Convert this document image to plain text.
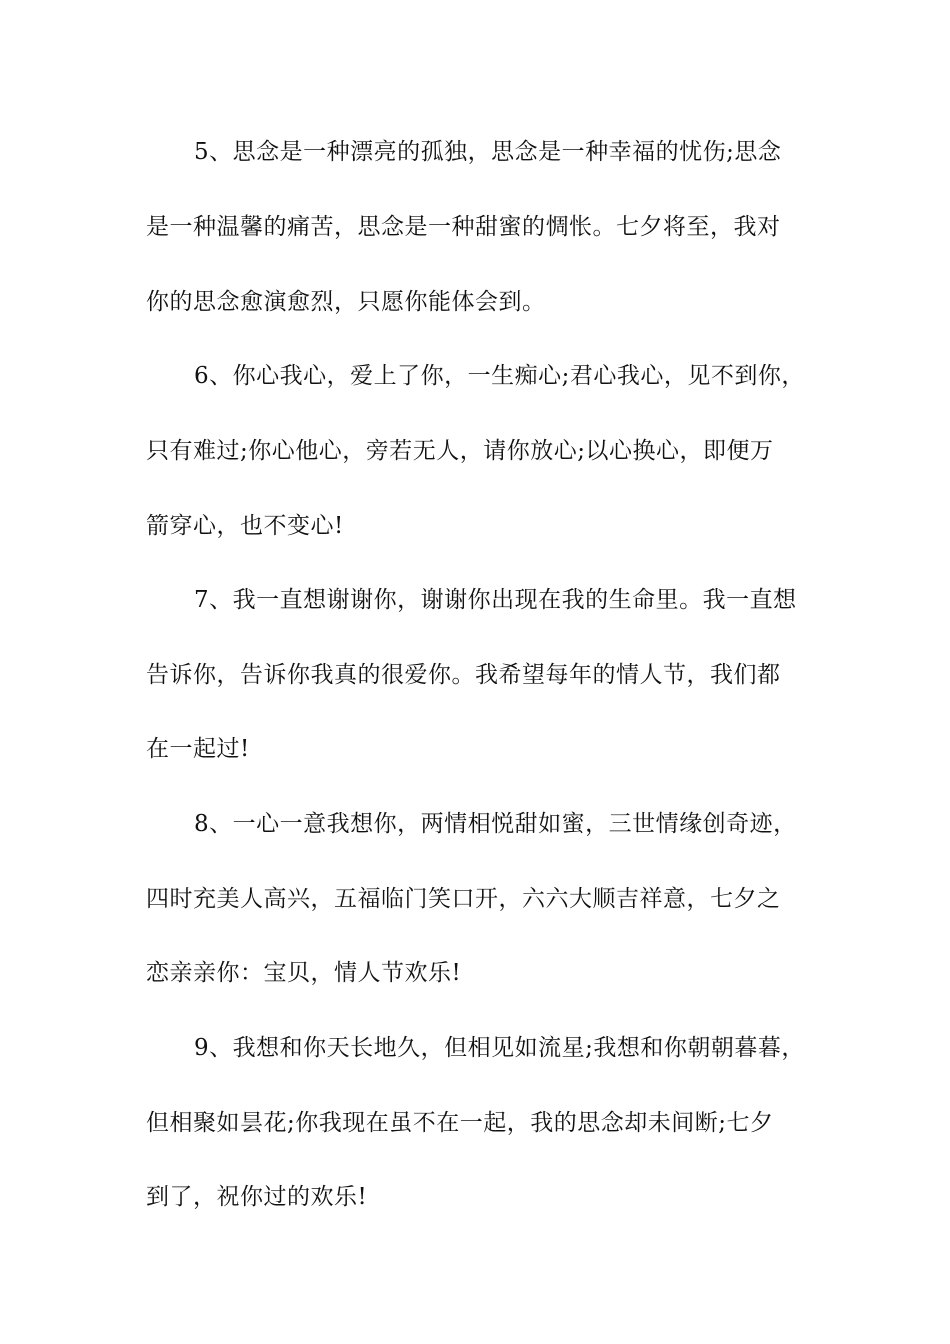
5、思念是一种漂亮的孤独，思念是一种幸福的忧伤;思念

是一种温馨的痛苦，思念是一种甜蜜的惆怅。七夕将至，我对

你的思念愈演愈烈，只愿你能体会到。

6、你心我心，爱上了你，一生痴心;君心我心，见不到你，

只有难过;你心他心，旁若无人，请你放心;以心换心，即便万

箭穿心，也不变心!

7、我一直想谢谢你，谢谢你出现在我的生命里。我一直想

告诉你，告诉你我真的很爱你。我希望每年的情人节，我们都

在一起过!

8、一心一意我想你，两情相悦甜如蜜，三世情缘创奇迹，

四时充美人高兴，五福临门笑口开，六六大顺吉祥意，七夕之

恋亲亲你：宝贝，情人节欢乐!

9、我想和你天长地久，但相见如流星;我想和你朝朝暮暮，

但相聚如昙花;你我现在虽不在一起，我的思念却未间断;七夕

到了，祝你过的欢乐!
